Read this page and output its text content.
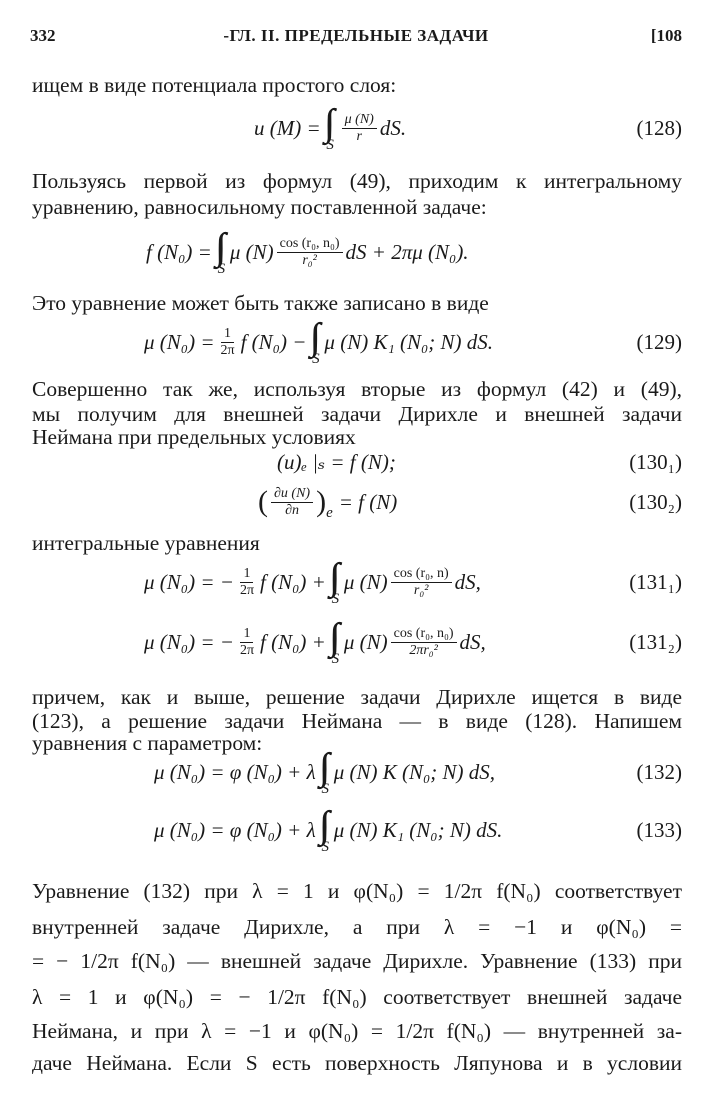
332	-ГЛ. II. ПРЕДЕЛЬНЫЕ ЗАДАЧИ	[108
ищем в виде потенциала простого слоя:
u (M) =
S $\frac{\mu (N)}{r}$ dS.	(128)
Пользуясь первой из формул (49), приходим к интегральному
уравнению, равносильному поставленной задаче:
f (N₀) =
S
μ $(N) \frac{\text{cos (r₀, n₀)}}{\text{r₀²}}$ dS + 2πμ (N₀).
Это уравнение может быть также записано в виде
μ $(N_0) = \frac{1}{2\pi}$ f (N₀) −
S
μ (N) K₁ (N₀; N) dS.	(129)
Совершенно так же, используя вторые из формул (42) и (49),
мы получим для внешней задачи Дирихле и внешней задачи
Неймана при предельных условиях
(u)ₑ |ₛ = f (N);	(130₁)
( $\frac{\partial u (N)}{\partial n}$ ) e = f (N)	(130₂)
интегральные уравнения
μ (N₀) = − $\frac{1}{2\pi}$ f (N₀) +
S
μ $(N) \frac{\text{cos (r₀, n)}}{\text{r₀²}}$ dS,	(131₁)
μ (N₀) = − $\frac{1}{2\pi}$ f (N₀) +
S
μ $(N) \frac{\text{cos (r₀, n₀)}}{\text{2πr₀²}}$ dS,	(131₂)
причем, как и выше, решение задачи Дирихле ищется в виде
(123), а решение задачи Неймана — в виде (128). Напишем
уравнения с параметром:
μ (N₀) = φ (N₀) + λ
S
μ (N) K (N₀; N) dS,	(132)
μ (N₀) = φ (N₀) + λ
S
μ (N) K₁ (N₀; N) dS.	(133)
Уравнение (132) при λ = 1 и φ(N₀) = 1/2π f(N₀) соответствует
внутренней задаче Дирихле, а при λ = −1 и φ(N₀) =
= − 1/2π f(N₀) — внешней задаче Дирихле. Уравнение (133) при
λ = 1 и φ(N₀) = − 1/2π f(N₀) соответствует внешней задаче
Неймана, и при λ = −1 и φ(N₀) = 1/2π f(N₀) — внутренней за-
даче Неймана. Если S есть поверхность Ляпунова и в условии
